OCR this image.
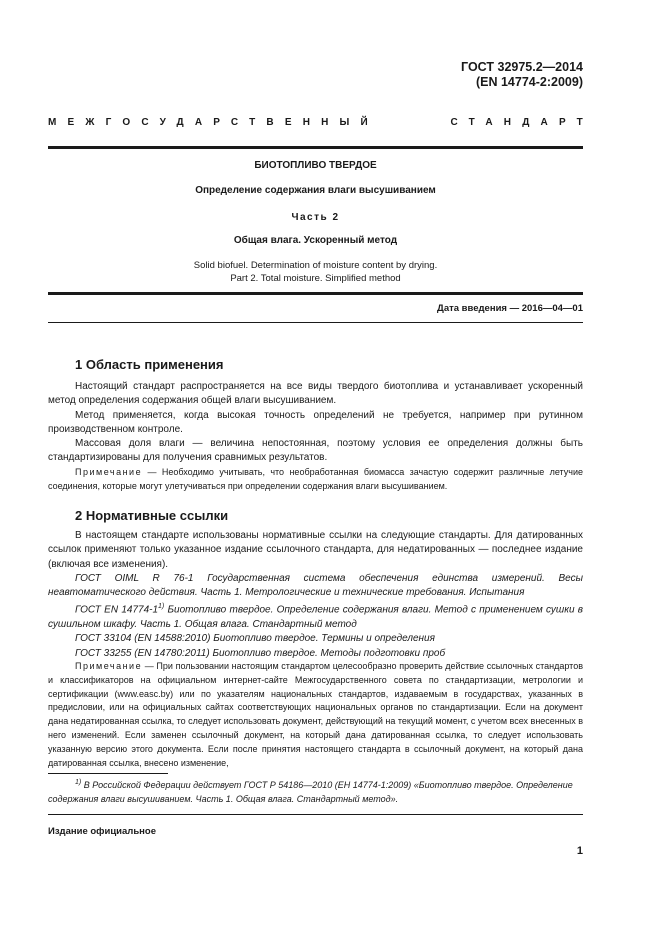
ГОСТ 32975.2—2014
(EN 14774-2:2009)
МЕЖГОСУДАРСТВЕННЫЙ	СТАНДАРТ
БИОТОПЛИВО ТВЕРДОЕ
Определение содержания влаги высушиванием
Часть 2
Общая влага. Ускоренный метод
Solid biofuel. Determination of moisture content by drying.
Part 2. Total moisture. Simplified method
Дата введения — 2016—04—01
1 Область применения

Настоящий стандарт распространяется на все виды твердого биотоплива и устанавливает ускоренный метод определения содержания общей влаги высушиванием.

Метод применяется, когда высокая точность определений не требуется, например при рутинном производственном контроле.

Массовая доля влаги — величина непостоянная, поэтому условия ее определения должны быть стандартизированы для получения сравнимых результатов.

Примечание — Необходимо учитывать, что необработанная биомасса зачастую содержит различные летучие соединения, которые могут улетучиваться при определении содержания влаги высушиванием.

2 Нормативные ссылки

В настоящем стандарте использованы нормативные ссылки на следующие стандарты. Для датированных ссылок применяют только указанное издание ссылочного стандарта, для недатированных — последнее издание (включая все изменения).

ГОСТ OIML R 76-1 Государственная система обеспечения единства измерений. Весы неавтоматического действия. Часть 1. Метрологические и технические требования. Испытания

ГОСТ EN 14774-1$^{1)}$ Биотопливо твердое. Определение содержания влаги. Метод с применением сушки в сушильном шкафу. Часть 1. Общая влага. Стандартный метод

ГОСТ 33104 (EN 14588:2010) Биотопливо твердое. Термины и определения

ГОСТ 33255 (EN 14780:2011) Биотопливо твердое. Методы подготовки проб

Примечание — При пользовании настоящим стандартом целесообразно проверить действие ссылочных стандартов и классификаторов на официальном интернет-сайте Межгосударственного совета по стандартизации, метрологии и сертификации (www.easc.by) или по указателям национальных стандартов, издаваемым в государствах, указанных в предисловии, или на официальных сайтах соответствующих национальных органов по стандартизации. Если на документ дана недатированная ссылка, то следует использовать документ, действующий на текущий момент, с учетом всех внесенных в него изменений. Если заменен ссылочный документ, на который дана датированная ссылка, то следует использовать указанную версию этого документа. Если после принятия настоящего стандарта в ссылочный документ, на который дана датированная ссылка, внесено изменение,

$^{1)}$ В Российской Федерации действует ГОСТ Р 54186—2010 (ЕН 14774-1:2009) «Биотопливо твердое. Определение содержания влаги высушиванием. Часть 1. Общая влага. Стандартный метод».
Издание официальное
1
